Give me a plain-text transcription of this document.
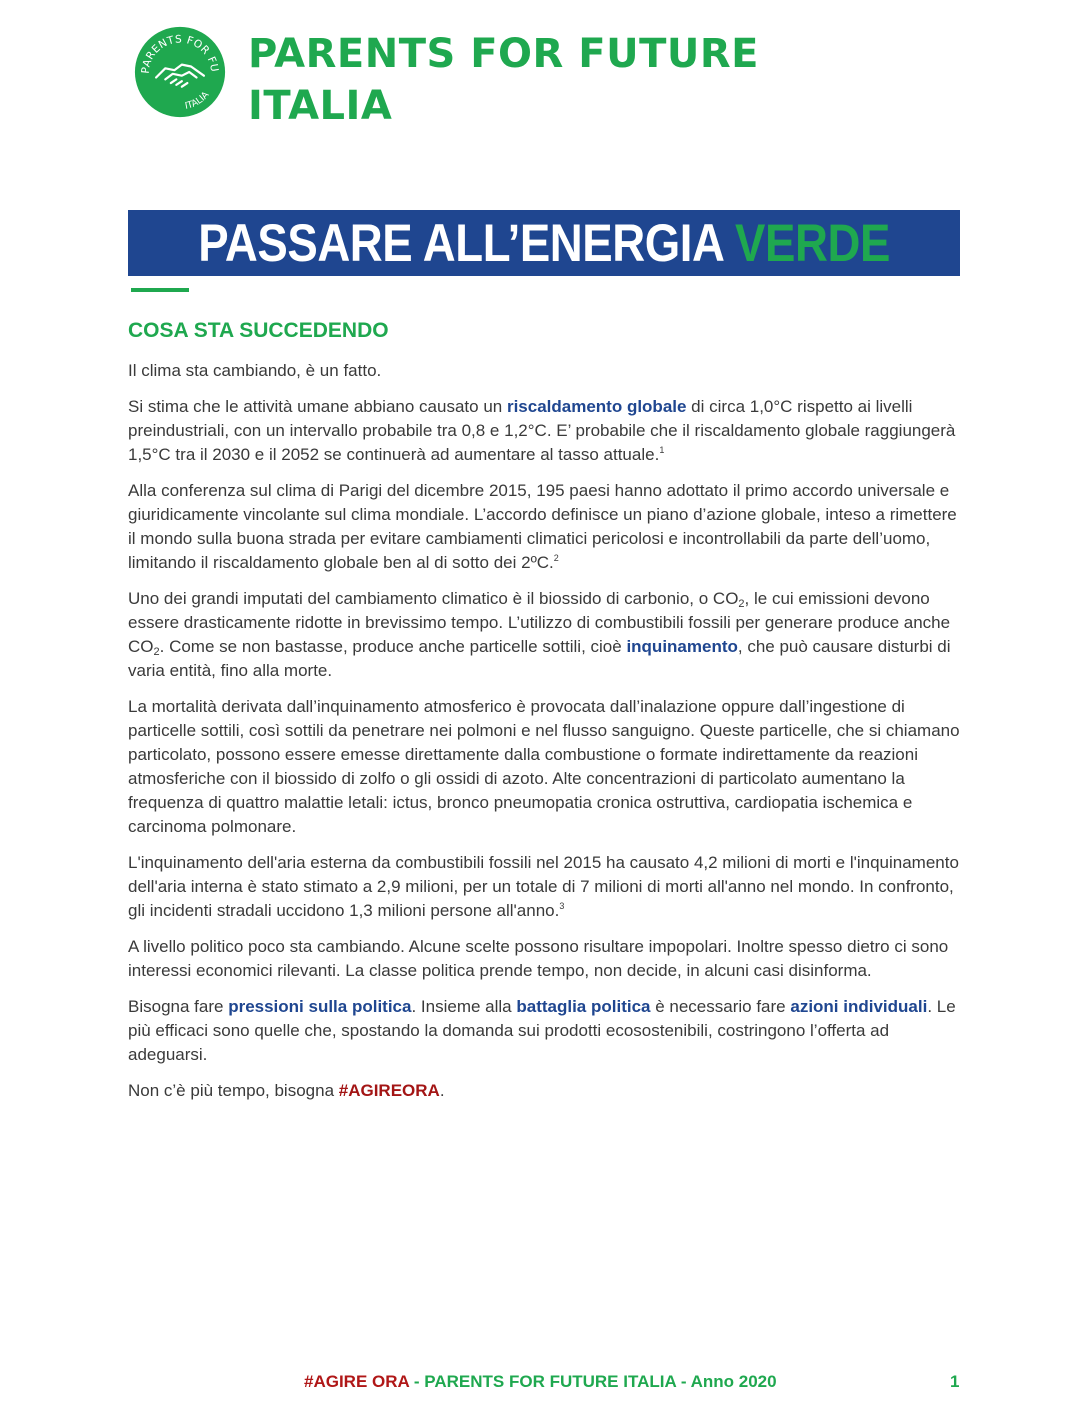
PARENTS FOR FU
ITALIA
PARENTS FOR FUTURE
ITALIA
PASSARE ALL’ENERGIA VERDE
COSA STA SUCCEDENDO

Il clima sta cambiando, è un fatto.

Si stima che le attività umane abbiano causato un riscaldamento globale di circa 1,0°C rispetto ai livelli preindustriali, con un intervallo probabile tra 0,8 e 1,2°C. E’ probabile che il riscaldamento globale raggiungerà 1,5°C tra il 2030 e il 2052 se continuerà ad aumentare al tasso attuale.$^1$

Alla conferenza sul clima di Parigi del dicembre 2015, 195 paesi hanno adottato il primo accordo universale e giuridicamente vincolante sul clima mondiale. L’accordo definisce un piano d’azione globale, inteso a rimettere il mondo sulla buona strada per evitare cambiamenti climatici pericolosi e incontrollabili da parte dell’uomo, limitando il riscaldamento globale ben al di sotto dei 2ºC.$^2$

Uno dei grandi imputati del cambiamento climatico è il biossido di carbonio, o $CO_2$, le cui emissioni devono essere drasticamente ridotte in brevissimo tempo. L’utilizzo di combustibili fossili per generare produce anche $CO_2$. Come se non bastasse, produce anche particelle sottili, cioè inquinamento, che può causare disturbi di varia entità, fino alla morte.

La mortalità derivata dall’inquinamento atmosferico è provocata dall’inalazione oppure dall’ingestione di particelle sottili, così sottili da penetrare nei polmoni e nel flusso sanguigno. Queste particelle, che si chiamano particolato, possono essere emesse direttamente dalla combustione o formate indirettamente da reazioni atmosferiche con il biossido di zolfo o gli ossidi di azoto. Alte concentrazioni di particolato aumentano la frequenza di quattro malattie letali: ictus, bronco pneumopatia cronica ostruttiva, cardiopatia ischemica e carcinoma polmonare.

L'inquinamento dell'aria esterna da combustibili fossili nel 2015 ha causato 4,2 milioni di morti e l'inquinamento dell'aria interna è stato stimato a 2,9 milioni, per un totale di 7 milioni di morti all'anno nel mondo. In confronto, gli incidenti stradali uccidono 1,3 milioni persone all'anno.$^3$

A livello politico poco sta cambiando. Alcune scelte possono risultare impopolari. Inoltre spesso dietro ci sono interessi economici rilevanti. La classe politica prende tempo, non decide, in alcuni casi disinforma.

Bisogna fare pressioni sulla politica. Insieme alla battaglia politica è necessario fare azioni individuali. Le più efficaci sono quelle che, spostando la domanda sui prodotti ecosostenibili, costringono l’offerta ad adeguarsi.

Non c’è più tempo, bisogna #AGIREORA.

#AGIRE ORA - PARENTS FOR FUTURE ITALIA - Anno 2020	1
